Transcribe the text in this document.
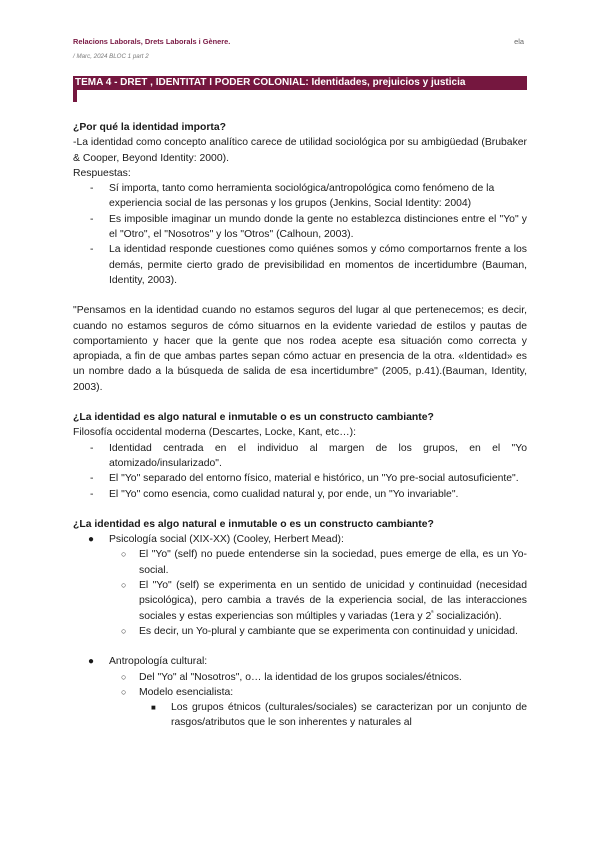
Relacions Laborals, Drets Laborals i Gènere.	ela
/ Marc, 2024 BLOC 1 part 2
TEMA 4 - DRET , IDENTITAT I PODER COLONIAL: Identidades, prejuicios y justicia
¿Por qué la identidad importa?

-La identidad como concepto analítico carece de utilidad sociológica por su ambigüedad (Brubaker & Cooper, Beyond Identity: 2000).

Respuestas:

- Sí importa, tanto como herramienta sociológica/antropológica como fenómeno de la experiencia social de las personas y los grupos (Jenkins, Social Identity: 2004)
- Es imposible imaginar un mundo donde la gente no establezca distinciones entre el "Yo" y el "Otro", el "Nosotros" y los "Otros" (Calhoun, 2003).
- La identidad responde cuestiones como quiénes somos y cómo comportarnos frente a los demás, permite cierto grado de previsibilidad en momentos de incertidumbre (Bauman, Identity, 2003).

"Pensamos en la identidad cuando no estamos seguros del lugar al que pertenecemos; es decir, cuando no estamos seguros de cómo situarnos en la evidente variedad de estilos y pautas de comportamiento y hacer que la gente que nos rodea acepte esa situación como correcta y apropiada, a fin de que ambas partes sepan cómo actuar en presencia de la otra. «Identidad» es un nombre dado a la búsqueda de salida de esa incertidumbre" (2005, p.41).(Bauman, Identity, 2003).

¿La identidad es algo natural e inmutable o es un constructo cambiante?

Filosofía occidental moderna (Descartes, Locke, Kant, etc…):

- Identidad centrada en el individuo al margen de los grupos, en el "Yo atomizado/insularizado".
- El "Yo" separado del entorno físico, material e histórico, un "Yo pre-social autosuficiente".
- El "Yo" como esencia, como cualidad natural y, por ende, un "Yo invariable".
¿La identidad es algo natural e inmutable o es un constructo cambiante?
● Psicología social (XIX-XX) (Cooley, Herbert Mead):
○ El "Yo" (self) no puede entenderse sin la sociedad, pues emerge de ella, es un Yo-social.
○ El "Yo" (self) se experimenta en un sentido de unicidad y continuidad (necesidad psicológica), pero cambia a través de la experiencia social, de las interacciones sociales y estas experiencias son múltiples y variadas (1era y $2^ª$ socialización).
○ Es decir, un Yo-plural y cambiante que se experimenta con continuidad y unicidad.
● Antropología cultural:
○ Del "Yo" al "Nosotros", o… la identidad de los grupos sociales/étnicos.
○ Modelo esencialista:
■ Los grupos étnicos (culturales/sociales) se caracterizan por un conjunto de rasgos/atributos que le son inherentes y naturales al
